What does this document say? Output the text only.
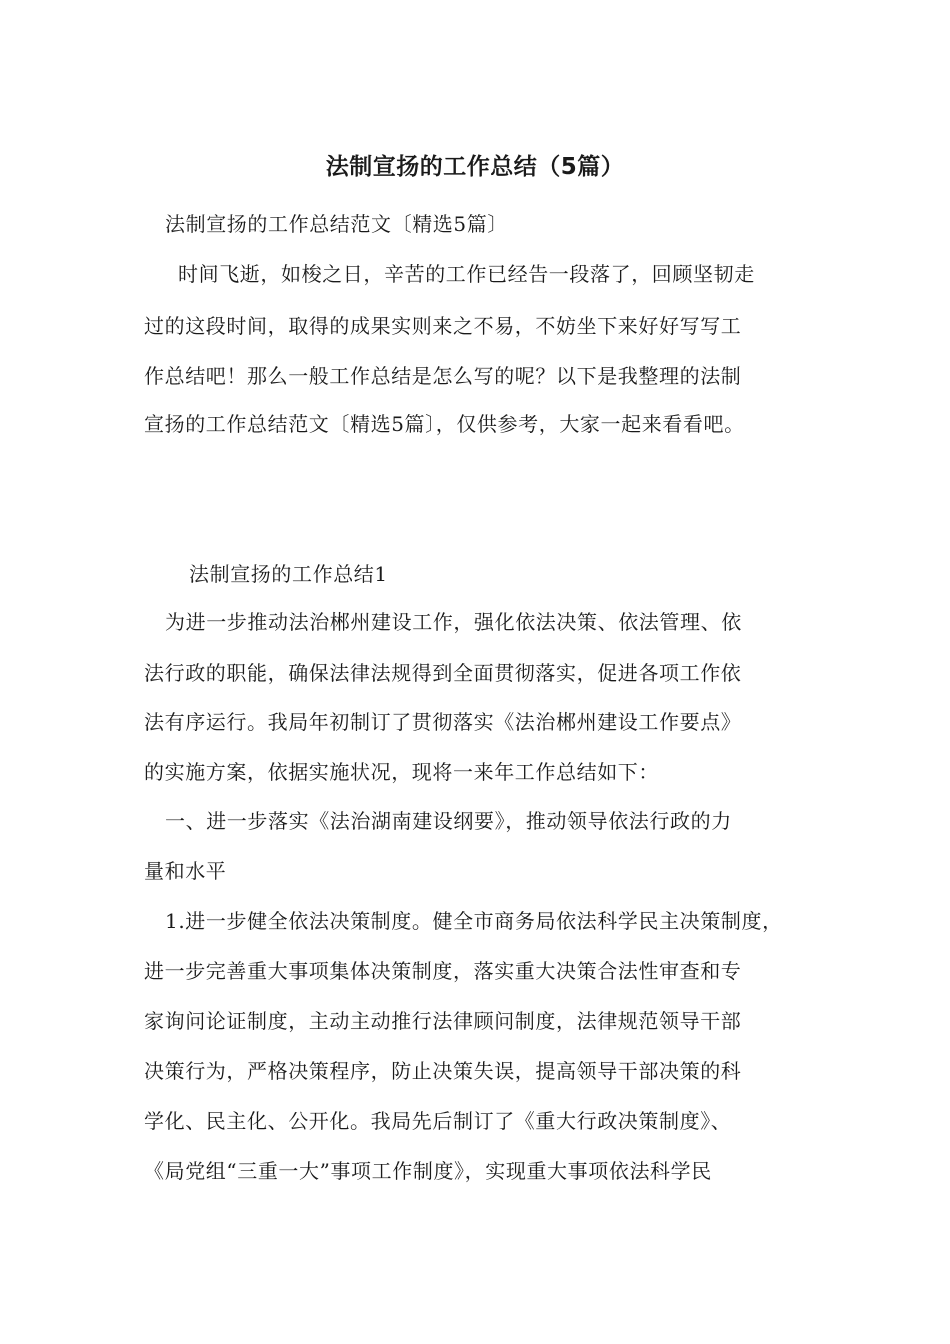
法制宣扬的工作总结（5篇）
法制宣扬的工作总结范文〔精选5篇〕
时间飞逝，如梭之日，辛苦的工作已经告一段落了，回顾坚韧走
过的这段时间，取得的成果实则来之不易，不妨坐下来好好写写工
作总结吧！那么一般工作总结是怎么写的呢？以下是我整理的法制
宣扬的工作总结范文〔精选5篇〕，仅供参考，大家一起来看看吧。
法制宣扬的工作总结1
为进一步推动法治郴州建设工作，强化依法决策、依法管理、依
法行政的职能，确保法律法规得到全面贯彻落实，促进各项工作依
法有序运行。我局年初制订了贯彻落实《法治郴州建设工作要点》
的实施方案，依据实施状况，现将一来年工作总结如下：
一、进一步落实《法治湖南建设纲要》，推动领导依法行政的力
量和水平
1.进一步健全依法决策制度。健全市商务局依法科学民主决策制度，
进一步完善重大事项集体决策制度，落实重大决策合法性审查和专
家询问论证制度，主动主动推行法律顾问制度，法律规范领导干部
决策行为，严格决策程序，防止决策失误，提高领导干部决策的科
学化、民主化、公开化。我局先后制订了《重大行政决策制度》、
《局党组“三重一大”事项工作制度》，实现重大事项依法科学民
